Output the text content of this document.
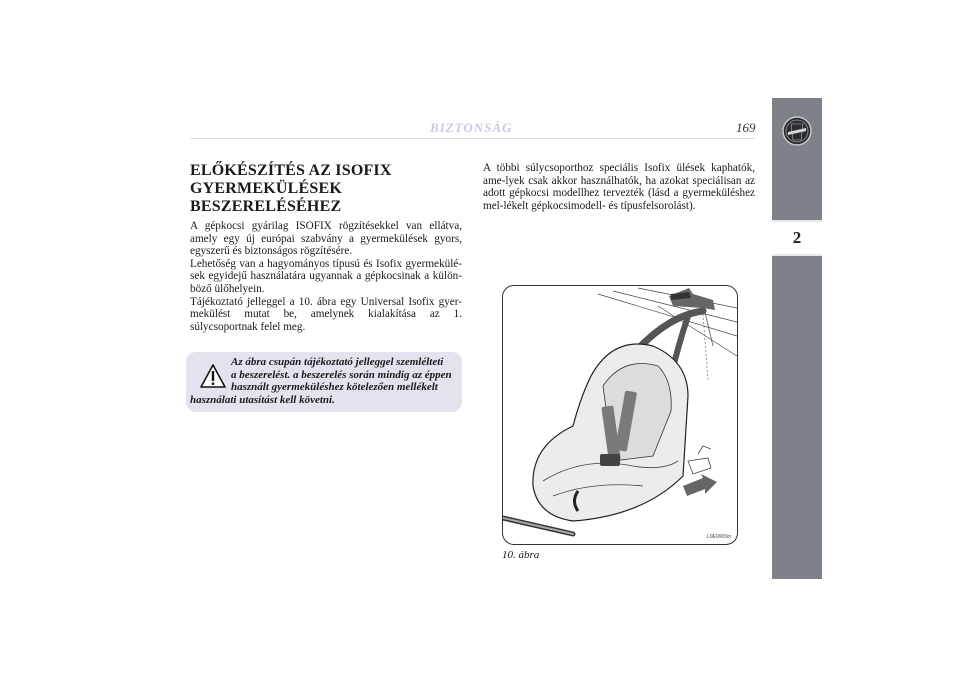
BIZTONSÁG	169
2
ELŐKÉSZÍTÉS AZ ISOFIX
GYERMEKÜLÉSEK
BESZERELÉSÉHEZ

A gépkocsi gyárilag ISOFIX rögzítésekkel van ellátva, amely egy új európai szabvány a gyermekülések gyors, egyszerű és biztonságos rögzítésére.

Lehetőség van a hagyományos típusú és Isofix gyermekülé-sek egyidejű használatára ugyannak a gépkocsinak a külön-böző ülőhelyein.

Tájékoztató jelleggel a 10. ábra egy Universal Isofix gyer-mekülést mutat be, amelynek kialakítása az 1. súlycsoportnak felel meg.

Az ábra csupán tájékoztató jelleggel szemlélteti
a beszerelést. a beszerelés során mindig az éppen
használt gyermeküléshez kötelezően mellékelt
használati utasítást kell követni.

A többi súlycsoporthoz speciális Isofix ülések kaphatók, ame-lyek csak akkor használhatók, ha azokat speciálisan az adott gépkocsi modellhez tervezték (lásd a gyermeküléshez mel-lékelt gépkocsimodell- és típusfelsorolást).

L0E0065m
10. ábra
